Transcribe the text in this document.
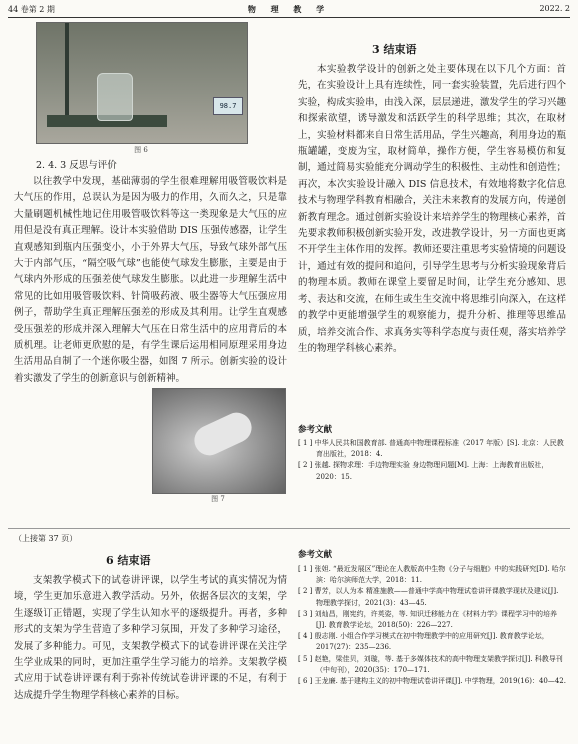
44 卷第 2 期	物 理 教 学	2022. 2
98.7
图 6
2. 4. 3 反思与评价

以往教学中发现，基础薄弱的学生很难理解用吸管吸饮料是大气压的作用，总误认为是因为吸力的作用，久而久之，只是靠大量刷题机械性地记住用吸管吸饮料等这一类现象是大气压的应用但是没有真正理解。设计本实验借助 DIS 压强传感器，让学生直观感知到瓶内压强变小，小于外界大气压，导致气球外部气压大于内部气压，“隔空吸气球”也能使气球发生膨胀，主要是由于气球内外形成的压强差使气球发生膨胀。以此进一步理解生活中常见的比如用吸管吸饮料、针筒吸药液、吸尘器等大气压强应用例子，帮助学生真正理解压强差的形成及其利用。让学生直观感受压强差的形成并深入理解大气压在日常生活中的应用背后的本质机理。让老师更欣慰的是，有学生课后运用相同原理采用身边生活用品自制了一个迷你吸尘器，如图 7 所示。创新实验的设计着实激发了学生的创新意识与创新精神。
图 7
3 结束语
本实验教学设计的创新之处主要体现在以下几个方面：首先，在实验设计上具有连续性，同一套实验装置，先后进行四个实验，构成实验串，由浅入深，层层递进，激发学生的学习兴趣和探索欲望，诱导激发和活跃学生的科学思维；其次，在取材上，实验材料都来自日常生活用品，学生兴趣高，利用身边的瓶瓶罐罐，变废为宝，取材简单，操作方便，学生容易模仿和复制，通过简易实验能充分调动学生的积极性、主动性和创造性；再次，本次实验设计融入 DIS 信息技术，有效地将数字化信息技术与物理学科教育相融合，关注未来教育的发展方向，传递创新教育理念。通过创新实验设计来培养学生的物理核心素养，首先要求教师积极创新实验开发，改进教学设计，另一方面也更离不开学生主体作用的发挥。教师还要注重思考实验情境的问题设计，通过有效的提问和追问，引导学生思考与分析实验现象背后的物理本质。教师在课堂上要留足时间，让学生充分感知、思考、表达和交流，在师生或生生交流中将思维引向深入，在这样的教学中更能增强学生的观察能力，提升分析、推理等思维品质，培养交流合作、求真务实等科学态度与责任观，落实培养学生的物理学科核心素养。
参考文献
[ 1 ] 中华人民共和国教育部. 普通高中物理课程标准（2017 年版）[S]. 北京：人民教育出版社，2018：4.
[ 2 ] 张越. 探物求理：手边物理实验 身边物理问题[M]. 上海：上海教育出版社，2020：15.
（上接第 37 页）
6 结束语
支架教学模式下的试卷讲评课，以学生考试的真实情况为情境，学生更加乐意进入教学活动。另外，依据各层次的支架，学生逐级订正错题，实现了学生认知水平的逐级提升。再者，多种形式的支架为学生营造了多种学习氛围，开发了多种学习途径，发展了多种能力。可见，支架教学模式下的试卷讲评课在关注学生学业成果的同时，更加注重学生学习能力的培养。支架教学模式应用于试卷讲评课有利于弥补传统试卷讲评课的不足，有利于达成提升学生物理学科核心素养的目标。
参考文献
[ 1 ] 张妲. “最近发展区”理论在人教版高中生物《分子与细胞》中的实践研究[D]. 哈尔滨：哈尔滨师范大学，2018：11.
[ 2 ] 曹芳，以人为本 精准施教——普通中学高中物理试卷讲评课教学现状及建议[J]. 物理教学探讨，2021(3)：43—45.
[ 3 ] 刘灿昌，刚宪约，许英姿，等. 知识迁移能力在《材料力学》课程学习中的培养[J]. 教育教学论坛，2018(50)：226—227.
[ 4 ] 殷志刚. 小组合作学习模式在初中物理教学中的应用研究[J]. 教育教学论坛，2017(27)：235—236.
[ 5 ] 赵艳，梁佳贝，刘璇，等. 基于多媒体技术的高中物理支架教学探讨[J]. 科教导刊（中旬刊），2020(35)：170—171.
[ 6 ] 王龙廉. 基于建构主义的初中物理试卷讲评课[J]. 中学物理，2019(16)：40—42.
